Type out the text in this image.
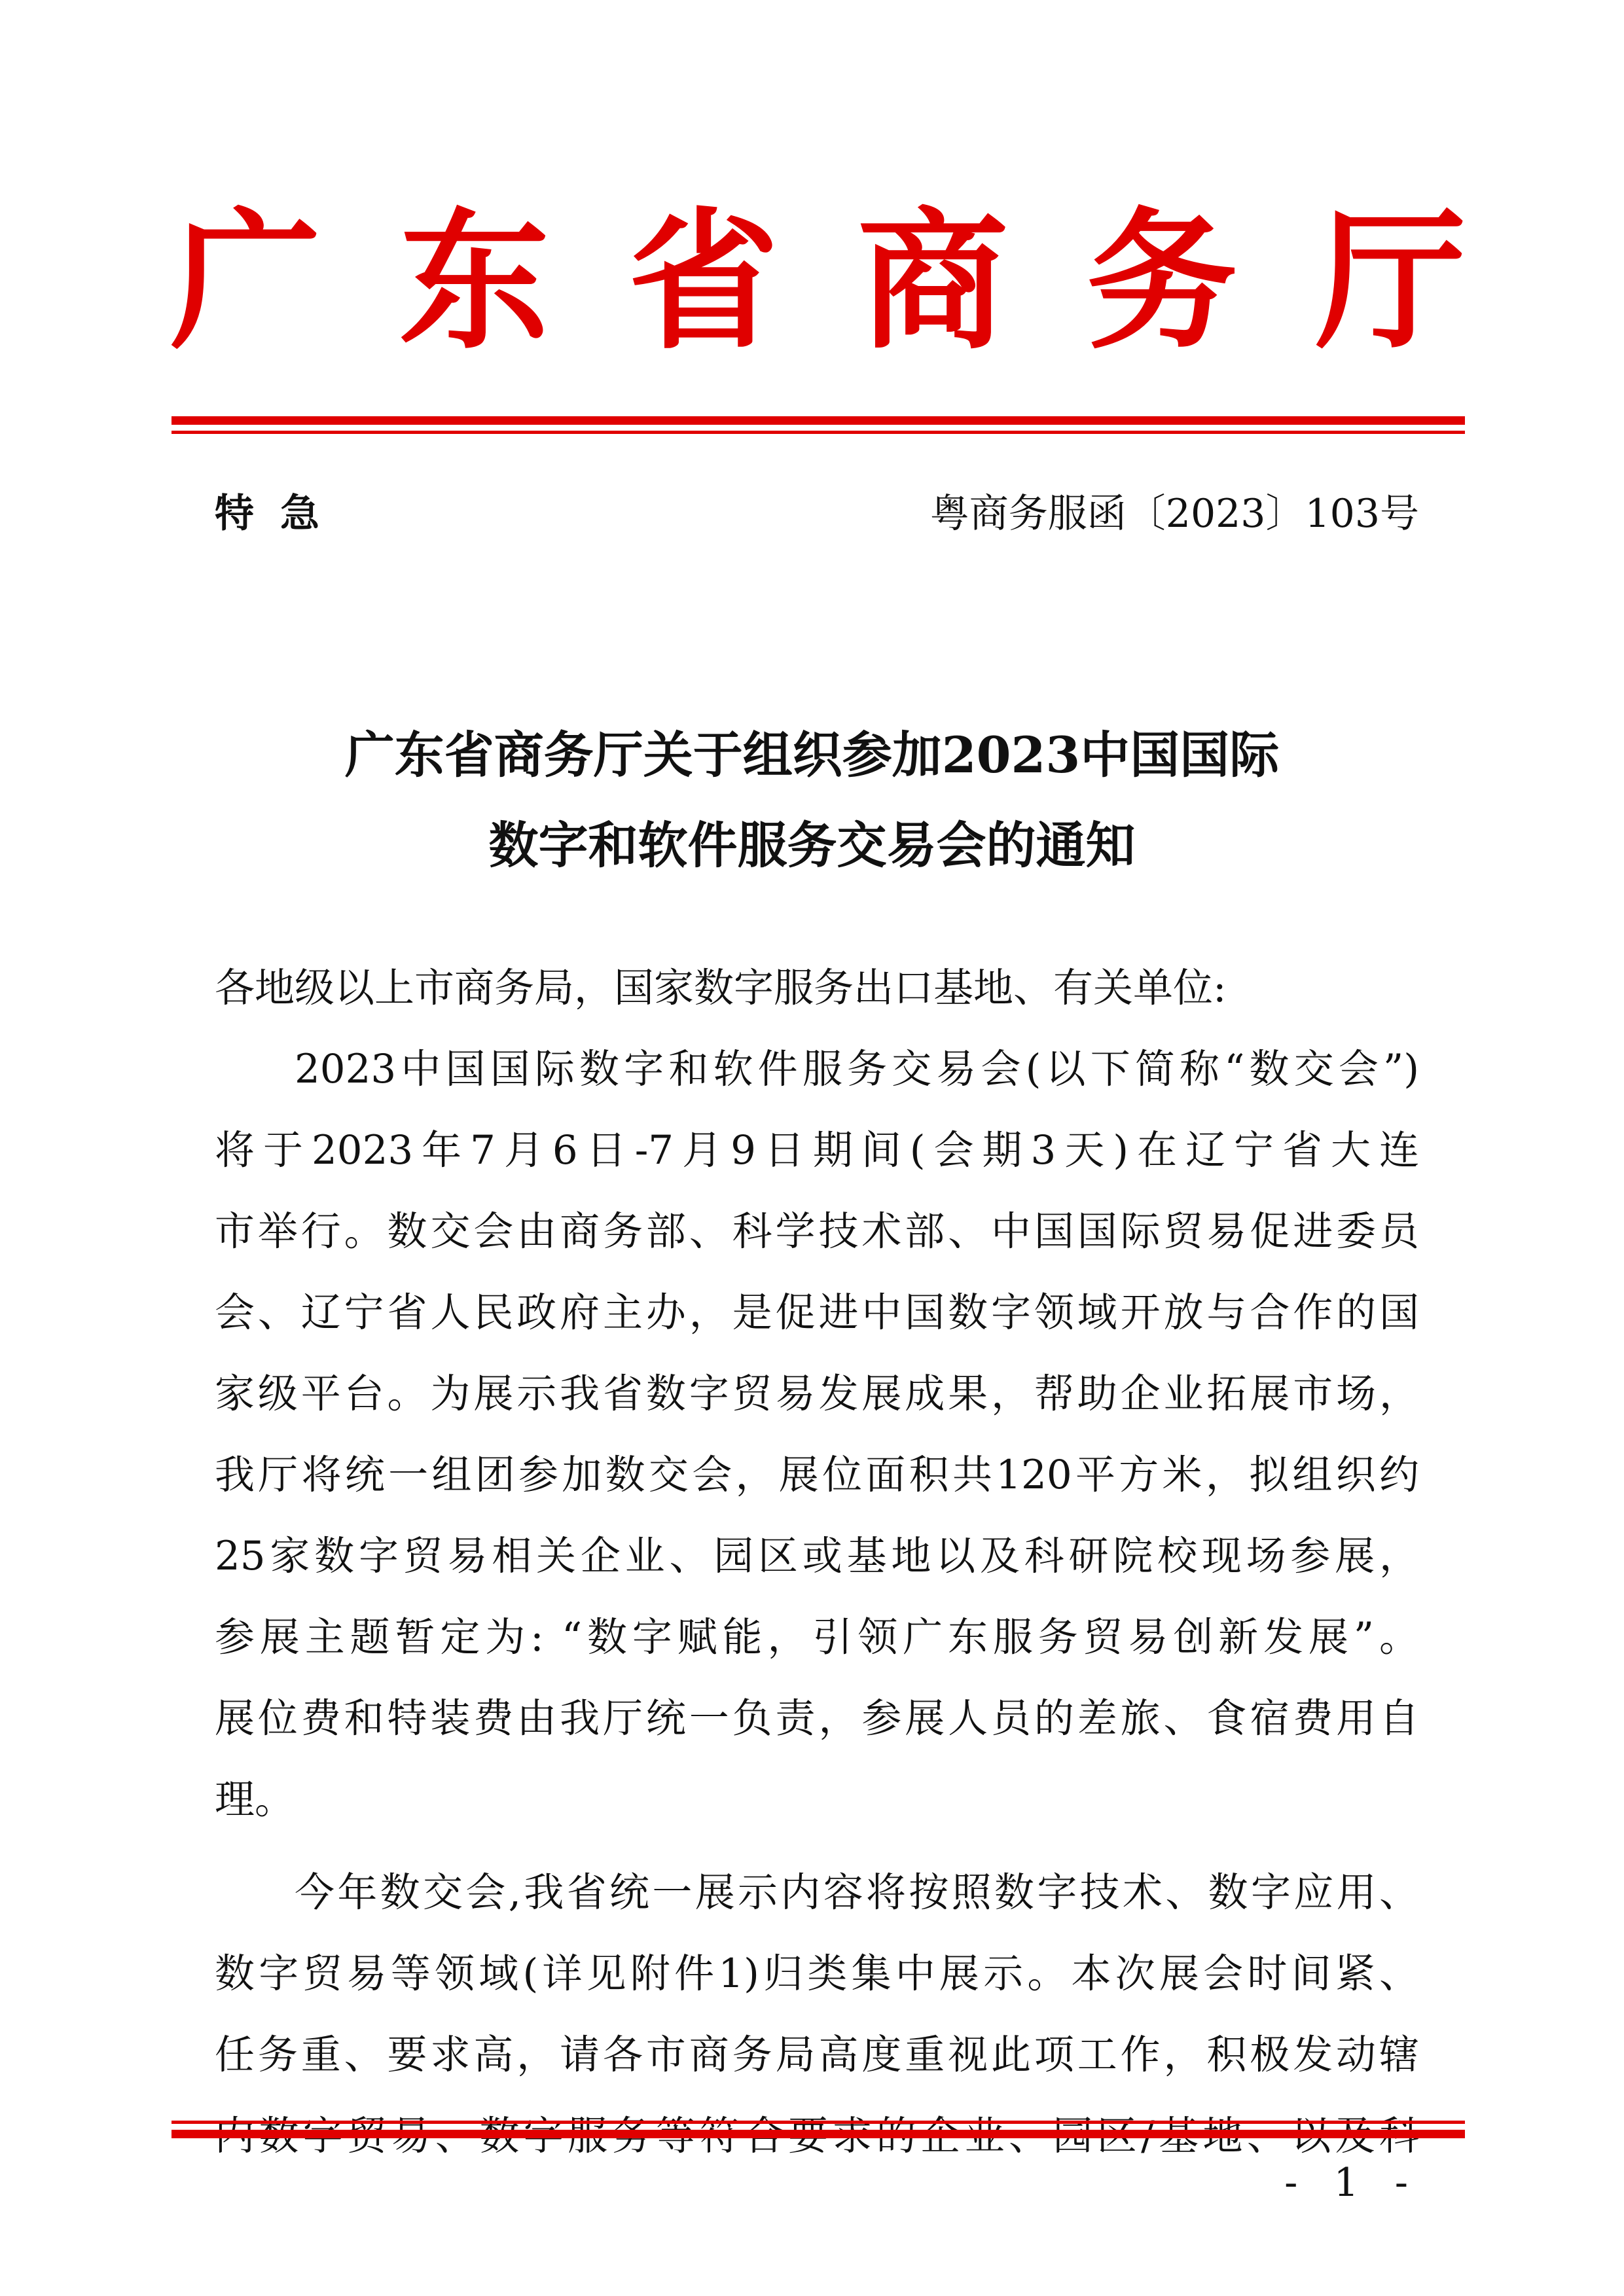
广 东 省 商 务 厅
特急	粤商务服函〔2023〕103号
广东省商务厅关于组织参加2023中国国际
数字和软件服务交易会的通知
各地级以上市商务局，国家数字服务出口基地、有关单位:
2023中国国际数字和软件服务交易会(以下简称“数交会”)
将于2023年7月6日-7月9日期间(会期3天)在辽宁省大连
市举行。数交会由商务部、科学技术部、中国国际贸易促进委员
会、辽宁省人民政府主办，是促进中国数字领域开放与合作的国
家级平台。为展示我省数字贸易发展成果，帮助企业拓展市场，
我厅将统一组团参加数交会，展位面积共120平方米，拟组织约
25家数字贸易相关企业、园区或基地以及科研院校现场参展，
参展主题暂定为: “数字赋能，引领广东服务贸易创新发展”。
展位费和特装费由我厅统一负责，参展人员的差旅、食宿费用自
理。
今年数交会,我省统一展示内容将按照数字技术、数字应用、
数字贸易等领域(详见附件1)归类集中展示。本次展会时间紧、
任务重、要求高，请各市商务局高度重视此项工作，积极发动辖
- 1 -
